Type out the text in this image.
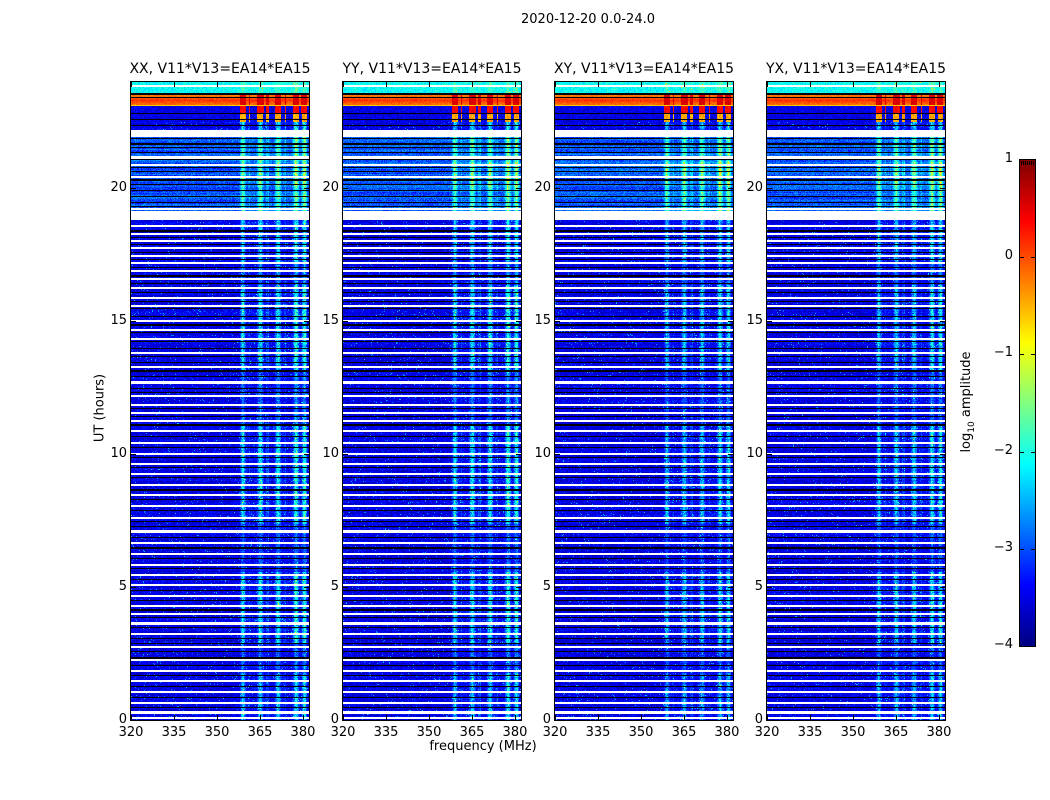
2020-12-20 0.0-24.0
UT (hours)
frequency (MHz)
XX, V11*V13=EA14*EA15
320 335 350 365 380
0
5
10
15
20
YY, V11*V13=EA14*EA15
320 335 350 365 380
0
5
10
15
20
XY, V11*V13=EA14*EA15
320 335 350 365 380
0
5
10
15
20
YX, V11*V13=EA14*EA15
320 335 350 365 380
0
5
10
15
20
1
0
−1
−2
−3
−4
$\log_{10}$ amplitude
